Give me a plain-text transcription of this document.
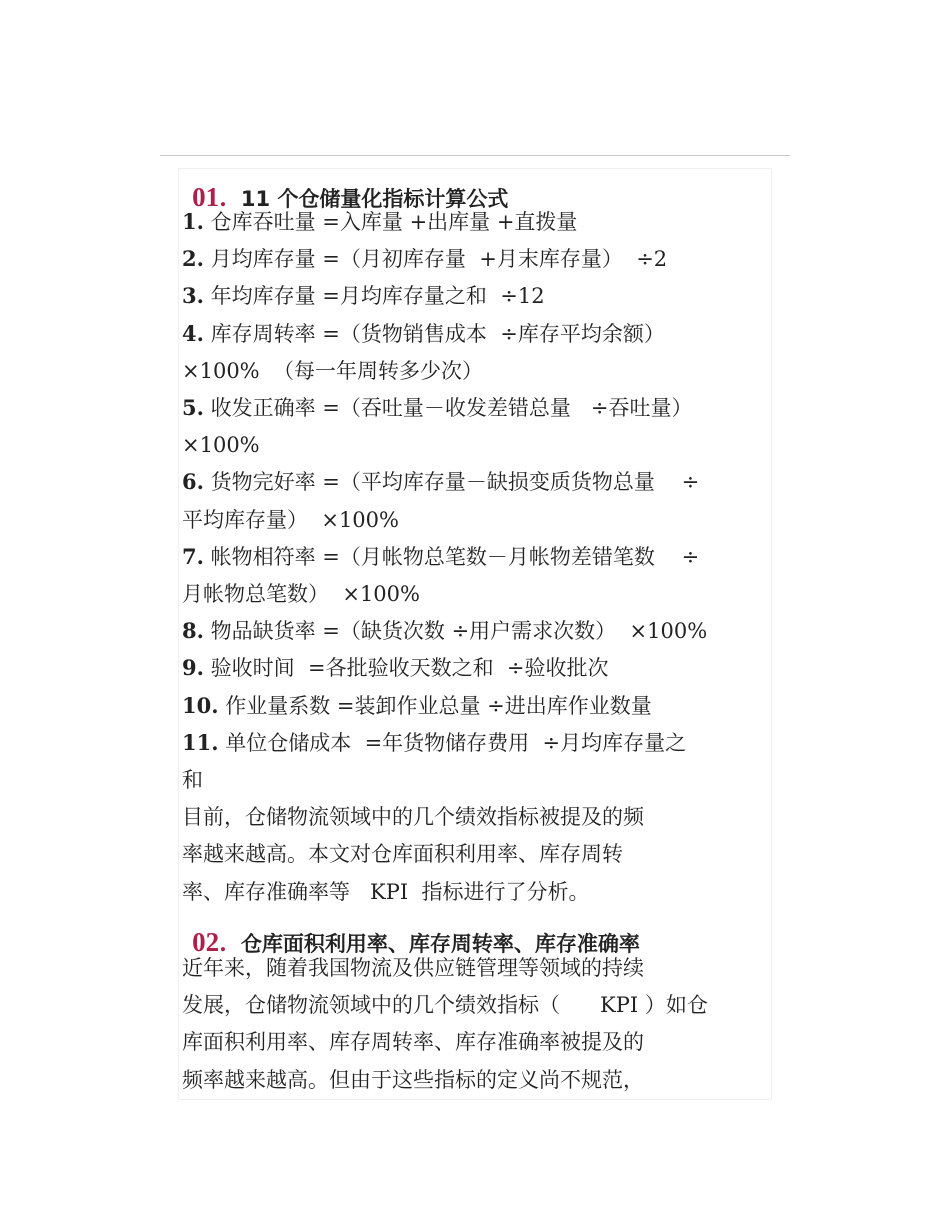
01. 11 个仓储量化指标计算公式

1. 仓库吞吐量 =入库量 +出库量 +直拨量
2. 月均库存量 =（月初库存量  +月末库存量）  ÷2
3. 年均库存量 =月均库存量之和  ÷12
4. 库存周转率 =（货物销售成本  ÷库存平均余额）
×100%  （每一年周转多少次）
5. 收发正确率 =（吞吐量－收发差错总量   ÷吞吐量）
×100%
6. 货物完好率 =（平均库存量－缺损变质货物总量    ÷
平均库存量）  ×100%
7. 帐物相符率 =（月帐物总笔数－月帐物差错笔数    ÷
月帐物总笔数）  ×100%
8. 物品缺货率 =（缺货次数 ÷用户需求次数）  ×100%
9. 验收时间  =各批验收天数之和  ÷验收批次
10. 作业量系数 =装卸作业总量 ÷进出库作业数量
11. 单位仓储成本  =年货物储存费用  ÷月均库存量之
和
目前，仓储物流领域中的几个绩效指标被提及的频
率越来越高。本文对仓库面积利用率、库存周转
率、库存准确率等   KPI  指标进行了分析。

02. 仓库面积利用率、库存周转率、库存准确率

近年来，随着我国物流及供应链管理等领域的持续
发展，仓储物流领域中的几个绩效指标（      KPI ）如仓
库面积利用率、库存周转率、库存准确率被提及的
频率越来越高。但由于这些指标的定义尚不规范，
